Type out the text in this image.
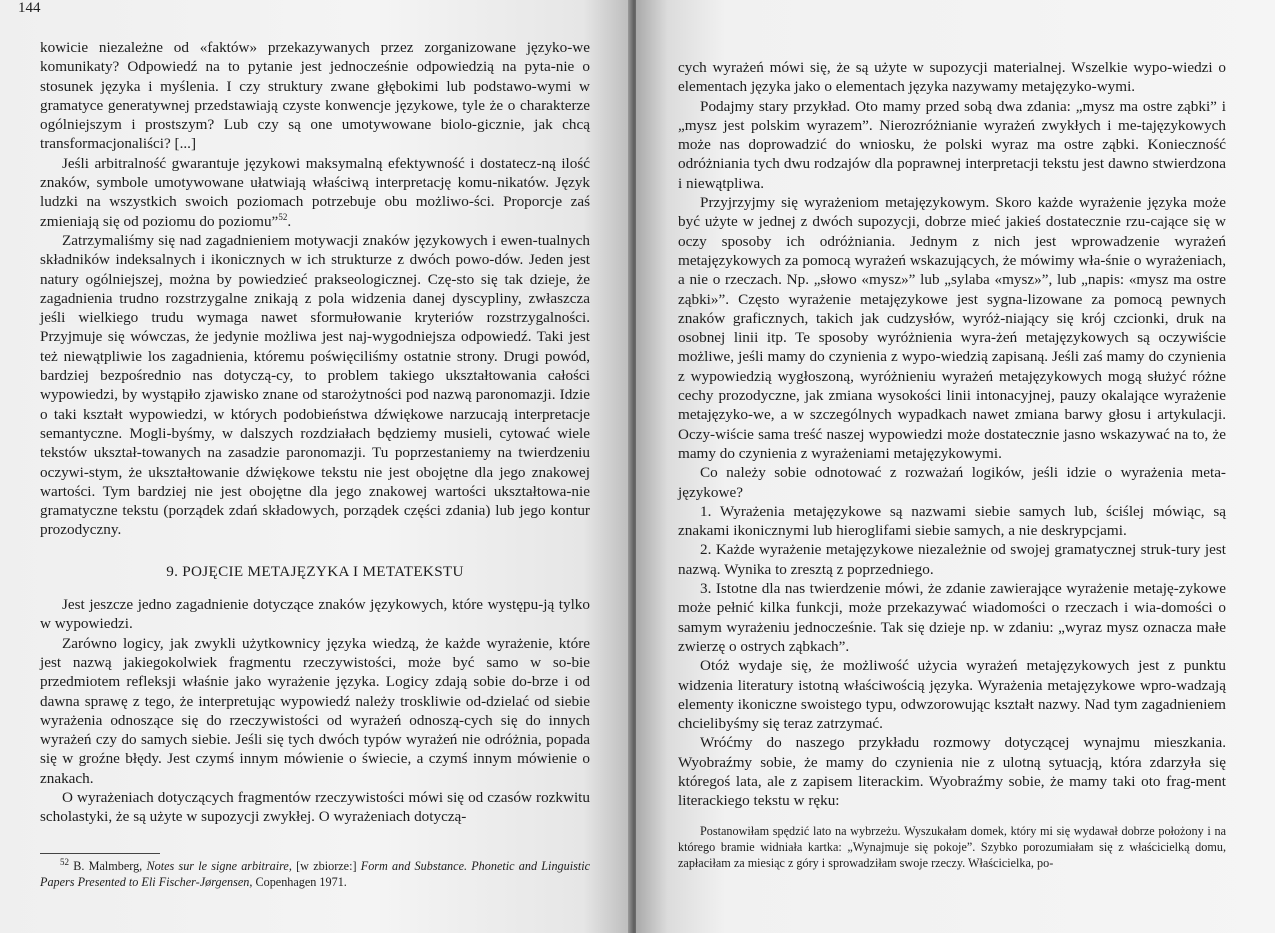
144

kowicie niezależne od «faktów» przekazywanych przez zorganizowane języko-we komunikaty? Odpowiedź na to pytanie jest jednocześnie odpowiedzią na pyta-nie o stosunek języka i myślenia. I czy struktury zwane głębokimi lub podstawo-wymi w gramatyce generatywnej przedstawiają czyste konwencje językowe, tyle że o charakterze ogólniejszym i prostszym? Lub czy są one umotywowane biolo-gicznie, jak chcą transformacjonaliści? [...]

Jeśli arbitralność gwarantuje językowi maksymalną efektywność i dostatecz-ną ilość znaków, symbole umotywowane ułatwiają właściwą interpretację komu-nikatów. Język ludzki na wszystkich swoich poziomach potrzebuje obu możliwo-ści. Proporcje zaś zmieniają się od poziomu do poziomu”$^{52}$.

Zatrzymaliśmy się nad zagadnieniem motywacji znaków językowych i ewen-tualnych składników indeksalnych i ikonicznych w ich strukturze z dwóch powo-dów. Jeden jest natury ogólniejszej, można by powiedzieć prakseologicznej. Czę-sto się tak dzieje, że zagadnienia trudno rozstrzygalne znikają z pola widzenia danej dyscypliny, zwłaszcza jeśli wielkiego trudu wymaga nawet sformułowanie kryteriów rozstrzygalności. Przyjmuje się wówczas, że jedynie możliwa jest naj-wygodniejsza odpowiedź. Taki jest też niewątpliwie los zagadnienia, któremu poświęciliśmy ostatnie strony. Drugi powód, bardziej bezpośrednio nas dotyczą-cy, to problem takiego ukształtowania całości wypowiedzi, by wystąpiło zjawisko znane od starożytności pod nazwą paronomazji. Idzie o taki kształt wypowiedzi, w których podobieństwa dźwiękowe narzucają interpretacje semantyczne. Mogli-byśmy, w dalszych rozdziałach będziemy musieli, cytować wiele tekstów ukształ-towanych na zasadzie paronomazji. Tu poprzestaniemy na twierdzeniu oczywi-stym, że ukształtowanie dźwiękowe tekstu nie jest obojętne dla jego znakowej wartości. Tym bardziej nie jest obojętne dla jego znakowej wartości ukształtowa-nie gramatyczne tekstu (porządek zdań składowych, porządek części zdania) lub jego kontur prozodyczny.

9. POJĘCIE METAJĘZYKA I METATEKSTU

Jest jeszcze jedno zagadnienie dotyczące znaków językowych, które występu-ją tylko w wypowiedzi.

Zarówno logicy, jak zwykli użytkownicy języka wiedzą, że każde wyrażenie, które jest nazwą jakiegokolwiek fragmentu rzeczywistości, może być samo w so-bie przedmiotem refleksji właśnie jako wyrażenie języka. Logicy zdają sobie do-brze i od dawna sprawę z tego, że interpretując wypowiedź należy troskliwie od-dzielać od siebie wyrażenia odnoszące się do rzeczywistości od wyrażeń odnoszą-cych się do innych wyrażeń czy do samych siebie. Jeśli się tych dwóch typów wyrażeń nie odróżnia, popada się w groźne błędy. Jest czymś innym mówienie o świecie, a czymś innym mówienie o znakach.

O wyrażeniach dotyczących fragmentów rzeczywistości mówi się od czasów rozkwitu scholastyki, że są użyte w supozycji zwykłej. O wyrażeniach dotyczą-

$^{52}$ B. Malmberg, Notes sur le signe arbitraire, [w zbiorze:] Form and Substance. Phonetic and Linguistic Papers Presented to Eli Fischer-Jørgensen, Copenhagen 1971.

cych wyrażeń mówi się, że są użyte w supozycji materialnej. Wszelkie wypo-wiedzi o elementach języka jako o elementach języka nazywamy metajęzyko-wymi.

Podajmy stary przykład. Oto mamy przed sobą dwa zdania: „mysz ma ostre ząbki” i „mysz jest polskim wyrazem”. Nierozróżnianie wyrażeń zwykłych i me-tajęzykowych może nas doprowadzić do wniosku, że polski wyraz ma ostre ząbki. Konieczność odróżniania tych dwu rodzajów dla poprawnej interpretacji tekstu jest dawno stwierdzona i niewątpliwa.

Przyjrzyjmy się wyrażeniom metajęzykowym. Skoro każde wyrażenie języka może być użyte w jednej z dwóch supozycji, dobrze mieć jakieś dostatecznie rzu-cające się w oczy sposoby ich odróżniania. Jednym z nich jest wprowadzenie wyrażeń metajęzykowych za pomocą wyrażeń wskazujących, że mówimy wła-śnie o wyrażeniach, a nie o rzeczach. Np. „słowo «mysz»” lub „sylaba «mysz»”, lub „napis: «mysz ma ostre ząbki»”. Często wyrażenie metajęzykowe jest sygna-lizowane za pomocą pewnych znaków graficznych, takich jak cudzysłów, wyróż-niający się krój czcionki, druk na osobnej linii itp. Te sposoby wyróżnienia wyra-żeń metajęzykowych są oczywiście możliwe, jeśli mamy do czynienia z wypo-wiedzią zapisaną. Jeśli zaś mamy do czynienia z wypowiedzią wygłoszoną, wyróżnieniu wyrażeń metajęzykowych mogą służyć różne cechy prozodyczne, jak zmiana wysokości linii intonacyjnej, pauzy okalające wyrażenie metajęzyko-we, a w szczególnych wypadkach nawet zmiana barwy głosu i artykulacji. Oczy-wiście sama treść naszej wypowiedzi może dostatecznie jasno wskazywać na to, że mamy do czynienia z wyrażeniami metajęzykowymi.

Co należy sobie odnotować z rozważań logików, jeśli idzie o wyrażenia meta-językowe?

1. Wyrażenia metajęzykowe są nazwami siebie samych lub, ściślej mówiąc, są znakami ikonicznymi lub hieroglifami siebie samych, a nie deskrypcjami.

2. Każde wyrażenie metajęzykowe niezależnie od swojej gramatycznej struk-tury jest nazwą. Wynika to zresztą z poprzedniego.

3. Istotne dla nas twierdzenie mówi, że zdanie zawierające wyrażenie metaję-zykowe może pełnić kilka funkcji, może przekazywać wiadomości o rzeczach i wia-domości o samym wyrażeniu jednocześnie. Tak się dzieje np. w zdaniu: „wyraz mysz oznacza małe zwierzę o ostrych ząbkach”.

Otóż wydaje się, że możliwość użycia wyrażeń metajęzykowych jest z punktu widzenia literatury istotną właściwością języka. Wyrażenia metajęzykowe wpro-wadzają elementy ikoniczne swoistego typu, odwzorowując kształt nazwy. Nad tym zagadnieniem chcielibyśmy się teraz zatrzymać.

Wróćmy do naszego przykładu rozmowy dotyczącej wynajmu mieszkania. Wyobraźmy sobie, że mamy do czynienia nie z ulotną sytuacją, która zdarzyła się któregoś lata, ale z zapisem literackim. Wyobraźmy sobie, że mamy taki oto frag-ment literackiego tekstu w ręku:

Postanowiłam spędzić lato na wybrzeżu. Wyszukałam domek, który mi się wydawał dobrze położony i na którego bramie widniała kartka: „Wynajmuje się pokoje”. Szybko porozumiałam się z właścicielką domu, zapłaciłam za miesiąc z góry i sprowadziłam swoje rzeczy. Właścicielka, po-
